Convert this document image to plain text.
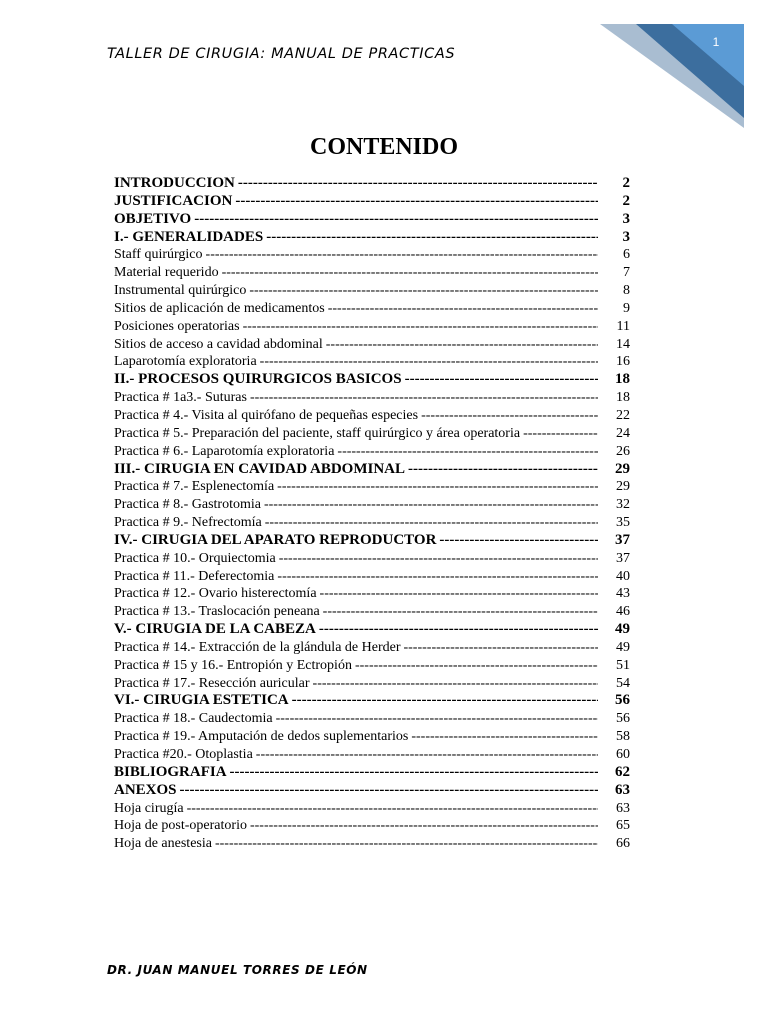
1
TALLER DE CIRUGIA: MANUAL DE PRACTICAS
CONTENIDO
INTRODUCCION -----	2
JUSTIFICACION -----	2
OBJETIVO -----	3
I.- GENERALIDADES -----	3
Staff quirúrgico -----	6
Material requerido -----	7
Instrumental quirúrgico -----	8
Sitios de aplicación de medicamentos -----	9
Posiciones operatorias -----	11
Sitios de acceso a cavidad abdominal -----	14
Laparotomía exploratoria -----	16
II.- PROCESOS QUIRURGICOS BASICOS -----	18
Practica # 1a3.- Suturas -----	18
Practica # 4.- Visita al quirófano de pequeñas especies -----	22
Practica # 5.- Preparación del paciente, staff quirúrgico y área operatoria -----	24
Practica # 6.- Laparotomía exploratoria -----	26
III.- CIRUGIA EN CAVIDAD ABDOMINAL -----	29
Practica # 7.- Esplenectomía -----	29
Practica # 8.- Gastrotomia -----	32
Practica # 9.- Nefrectomía -----	35
IV.- CIRUGIA DEL APARATO REPRODUCTOR -----	37
Practica # 10.- Orquiectomia -----	37
Practica # 11.- Deferectomia -----	40
Practica # 12.- Ovario histerectomía -----	43
Practica # 13.- Traslocación peneana -----	46
V.- CIRUGIA DE LA CABEZA -----	49
Practica # 14.- Extracción de la glándula de Herder -----	49
Practica # 15 y 16.- Entropión y Ectropión -----	51
Practica # 17.- Resección auricular -----	54
VI.- CIRUGIA ESTETICA -----	56
Practica # 18.- Caudectomia -----	56
Practica # 19.- Amputación de dedos suplementarios -----	58
Practica #20.- Otoplastia -----	60
BIBLIOGRAFIA -----	62
ANEXOS -----	63
Hoja cirugía -----	63
Hoja de post-operatorio -----	65
Hoja de anestesia -----	66
DR. JUAN MANUEL TORRES DE LEÓN
